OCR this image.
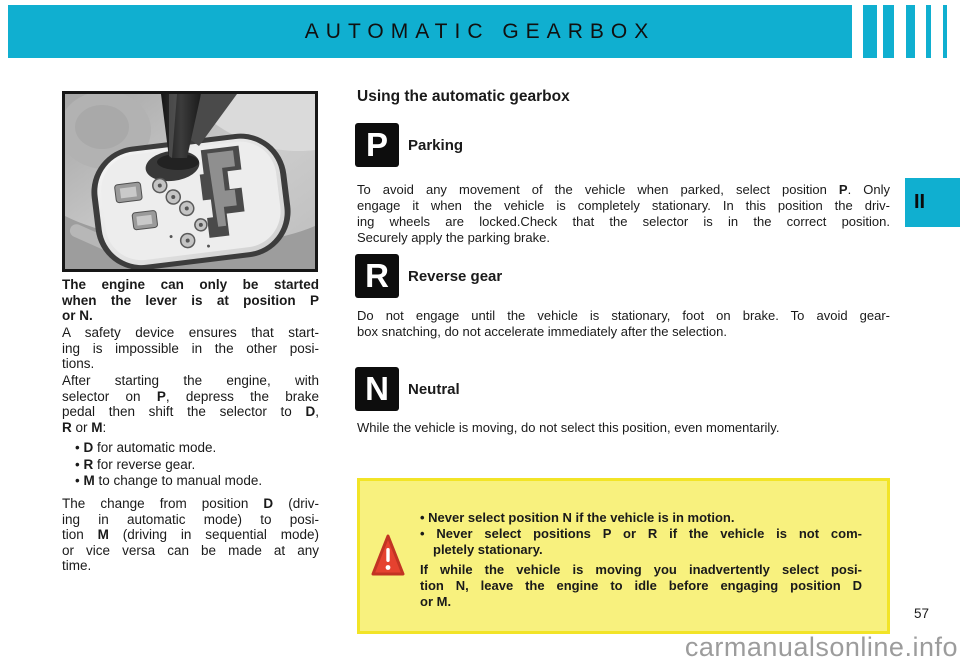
AUTOMATIC GEARBOX
II
The engine can only be started
when the lever is at position P
or N.
A safety device ensures that start-
ing is impossible in the other posi-
tions.
After starting the engine, with
selector on P, depress the brake
pedal then shift the selector to D,
R or M:
• D for automatic mode.
• R for reverse gear.
• M to change to manual mode.
The change from position D (driv-
ing in automatic mode) to posi-
tion M (driving in sequential mode)
or vice versa can be made at any
time.
Using the automatic gearbox
P	Parking
To avoid any movement of the vehicle when parked, select position P. Only
engage it when the vehicle is completely stationary. In this position the driv-
ing wheels are locked.Check that the selector is in the correct position.
Securely apply the parking brake.
R	Reverse gear
Do not engage until the vehicle is stationary, foot on brake. To avoid gear-
box snatching, do not accelerate immediately after the selection.
N	Neutral
While the vehicle is moving, do not select this position, even momentarily.
• Never select position N if the vehicle is in motion.
• Never select positions P or R if the vehicle is not com-
pletely stationary.
If while the vehicle is moving you inadvertently select posi-
tion N, leave the engine to idle before engaging position D
or M.
57
carmanualsonline.info
